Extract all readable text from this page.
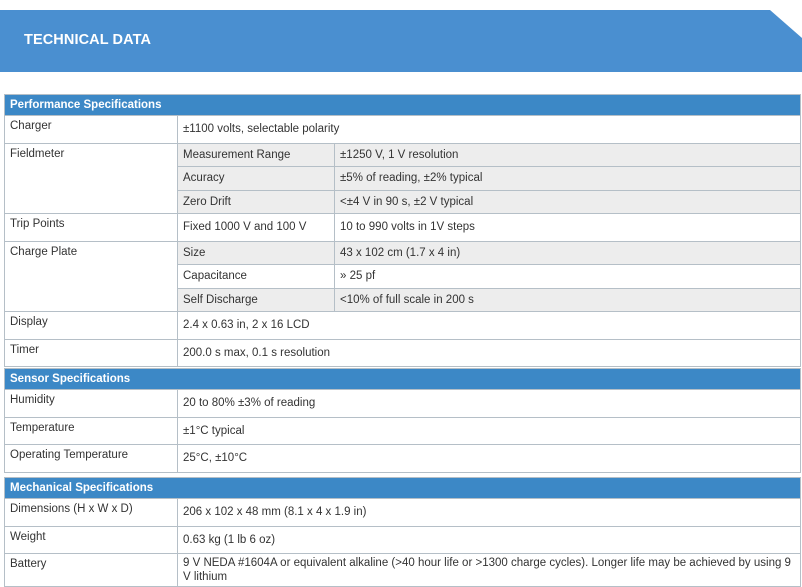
TECHNICAL DATA
Performance Specifications		
Charger	±1100 volts, selectable polarity	
Fieldmeter	Measurement Range	±1250 V, 1 V resolution
	Acuracy	±5% of reading, ±2% typical
	Zero Drift	<±4 V in 90 s, ±2 V typical
Trip Points	Fixed 1000 V and 100 V	10 to 990 volts in 1V steps
Charge Plate	Size	43 x 102 cm (1.7 x 4 in)
	Capacitance	» 25 pf
	Self Discharge	<10% of full scale in 200 s
Display	2.4 x 0.63 in, 2 x 16 LCD	
Timer	200.0 s max, 0.1 s resolution	
Sensor Specifications	
Humidity	20 to 80% ±3% of reading
Temperature	±1°C typical
Operating Temperature	25°C, ±10°C
Mechanical Specifications	
Dimensions (H x W x D)	206 x 102 x 48 mm (8.1 x 4 x 1.9 in)
Weight	0.63 kg (1 lb 6 oz)
Battery	9 V NEDA #1604A or equivalent alkaline (>40 hour life or >1300 charge cycles). Longer life may be achieved by using 9 V lithium
